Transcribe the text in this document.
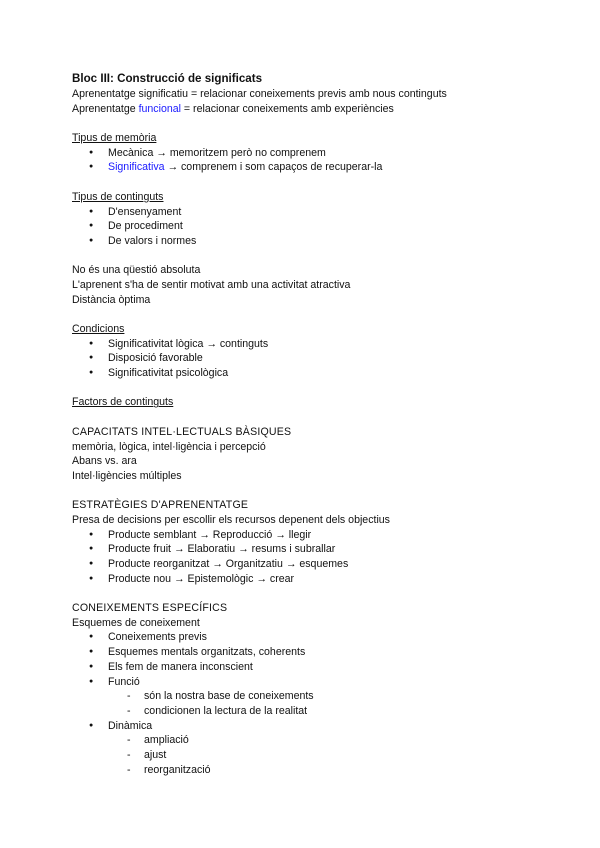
Bloc III: Construcció de significats
Aprenentatge significatiu = relacionar coneixements previs amb nous continguts
Aprenentatge funcional = relacionar coneixements amb experiències
Tipus de memòria
● Mecànica → memoritzem però no comprenem
● Significativa → comprenem i som capaços de recuperar-la
Tipus de continguts
● D'ensenyament
● De procediment
● De valors i normes
No és una qüestió absoluta
L'aprenent s'ha de sentir motivat amb una activitat atractiva
Distància òptima
Condicions
● Significativitat lògica → continguts
● Disposició favorable
● Significativitat psicològica
Factors de continguts
CAPACITATS INTEL·LECTUALS BÀSIQUES
memòria, lògica, intel·ligència i percepció
Abans vs. ara
Intel·ligències múltiples
ESTRATÈGIES D'APRENENTATGE
Presa de decisions per escollir els recursos depenent dels objectius
● Producte semblant → Reproducció → llegir
● Producte fruit → Elaboratiu → resums i subrallar
● Producte reorganitzat → Organitzatiu → esquemes
● Producte nou → Epistemològic → crear
CONEIXEMENTS ESPECÍFICS
Esquemes de coneixement
● Coneixements previs
● Esquemes mentals organitzats, coherents
● Els fem de manera inconscient
● Funció
- són la nostra base de coneixements
- condicionen la lectura de la realitat
● Dinàmica
- ampliació
- ajust
- reorganització
